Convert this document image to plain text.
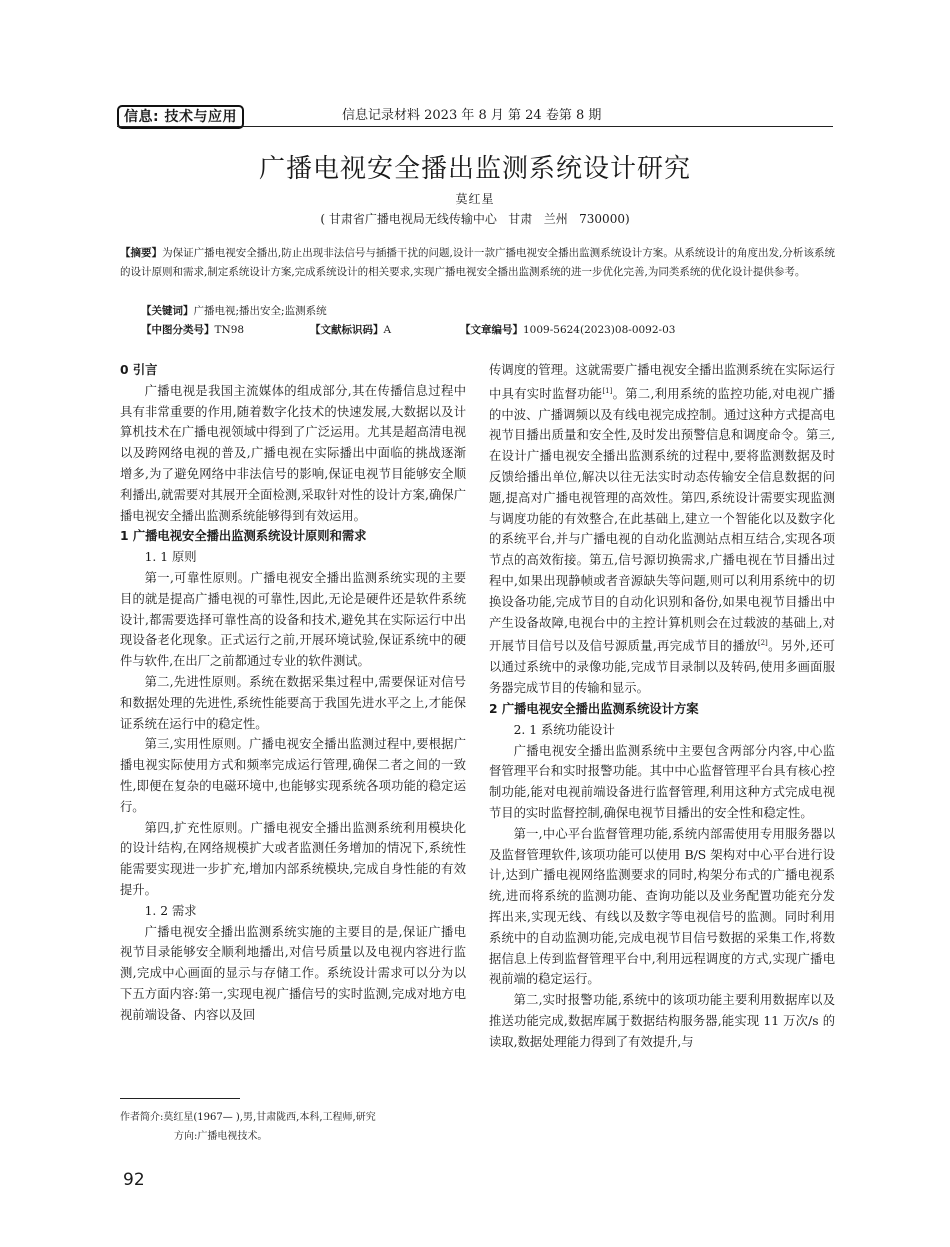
信息: 技术与应用	信息记录材料 2023 年 8 月 第 24 卷第 8 期
广播电视安全播出监测系统设计研究
莫红星
( 甘肃省广播电视局无线传输中心   甘肃   兰州   730000)
【摘要】为保证广播电视安全播出,防止出现非法信号与插播干扰的问题,设计一款广播电视安全播出监测系统设计方案。从系统设计的角度出发,分析该系统的设计原则和需求,制定系统设计方案,完成系统设计的相关要求,实现广播电视安全播出监测系统的进一步优化完善,为同类系统的优化设计提供参考。
【关键词】广播电视;播出安全;监测系统
【中图分类号】TN98	【文献标识码】A	【文章编号】1009-5624(2023)08-0092-03

0 引言

广播电视是我国主流媒体的组成部分,其在传播信息过程中具有非常重要的作用,随着数字化技术的快速发展,大数据以及计算机技术在广播电视领域中得到了广泛运用。尤其是超高清电视以及跨网络电视的普及,广播电视在实际播出中面临的挑战逐渐增多,为了避免网络中非法信号的影响,保证电视节目能够安全顺利播出,就需要对其展开全面检测,采取针对性的设计方案,确保广播电视安全播出监测系统能够得到有效运用。

1 广播电视安全播出监测系统设计原则和需求

1. 1 原则

第一,可靠性原则。广播电视安全播出监测系统实现的主要目的就是提高广播电视的可靠性,因此,无论是硬件还是软件系统设计,都需要选择可靠性高的设备和技术,避免其在实际运行中出现设备老化现象。正式运行之前,开展环境试验,保证系统中的硬件与软件,在出厂之前都通过专业的软件测试。

第二,先进性原则。系统在数据采集过程中,需要保证对信号和数据处理的先进性,系统性能要高于我国先进水平之上,才能保证系统在运行中的稳定性。

第三,实用性原则。广播电视安全播出监测过程中,要根据广播电视实际使用方式和频率完成运行管理,确保二者之间的一致性,即便在复杂的电磁环境中,也能够实现系统各项功能的稳定运行。

第四,扩充性原则。广播电视安全播出监测系统利用模块化的设计结构,在网络规模扩大或者监测任务增加的情况下,系统性能需要实现进一步扩充,增加内部系统模块,完成自身性能的有效提升。

1. 2 需求

广播电视安全播出监测系统实施的主要目的是,保证广播电视节目录能够安全顺利地播出,对信号质量以及电视内容进行监测,完成中心画面的显示与存储工作。系统设计需求可以分为以下五方面内容:第一,实现电视广播信号的实时监测,完成对地方电视前端设备、内容以及回

传调度的管理。这就需要广播电视安全播出监测系统在实际运行中具有实时监督功能[1]。第二,利用系统的监控功能,对电视广播的中波、广播调频以及有线电视完成控制。通过这种方式提高电视节目播出质量和安全性,及时发出预警信息和调度命令。第三,在设计广播电视安全播出监测系统的过程中,要将监测数据及时反馈给播出单位,解决以往无法实时动态传输安全信息数据的问题,提高对广播电视管理的高效性。第四,系统设计需要实现监测与调度功能的有效整合,在此基础上,建立一个智能化以及数字化的系统平台,并与广播电视的自动化监测站点相互结合,实现各项节点的高效衔接。第五,信号源切换需求,广播电视在节目播出过程中,如果出现静帧或者音源缺失等问题,则可以利用系统中的切换设备功能,完成节目的自动化识别和备份,如果电视节目播出中产生设备故障,电视台中的主控计算机则会在过载波的基础上,对开展节目信号以及信号源质量,再完成节目的播放[2]。另外,还可以通过系统中的录像功能,完成节目录制以及转码,使用多画面服务器完成节目的传输和显示。

2 广播电视安全播出监测系统设计方案

2. 1 系统功能设计

广播电视安全播出监测系统中主要包含两部分内容,中心监督管理平台和实时报警功能。其中中心监督管理平台具有核心控制功能,能对电视前端设备进行监督管理,利用这种方式完成电视节目的实时监督控制,确保电视节目播出的安全性和稳定性。

第一,中心平台监督管理功能,系统内部需使用专用服务器以及监督管理软件,该项功能可以使用 B/S 架构对中心平台进行设计,达到广播电视网络监测要求的同时,构架分布式的广播电视系统,进而将系统的监测功能、查询功能以及业务配置功能充分发挥出来,实现无线、有线以及数字等电视信号的监测。同时利用系统中的自动监测功能,完成电视节目信号数据的采集工作,将数据信息上传到监督管理平台中,利用远程调度的方式,实现广播电视前端的稳定运行。

第二,实时报警功能,系统中的该项功能主要利用数据库以及推送功能完成,数据库属于数据结构服务器,能实现 11 万次/s 的读取,数据处理能力得到了有效提升,与

作者简介:莫红星(1967— ),男,甘肃陇西,本科,工程师,研究
方向:广播电视技术。
92
